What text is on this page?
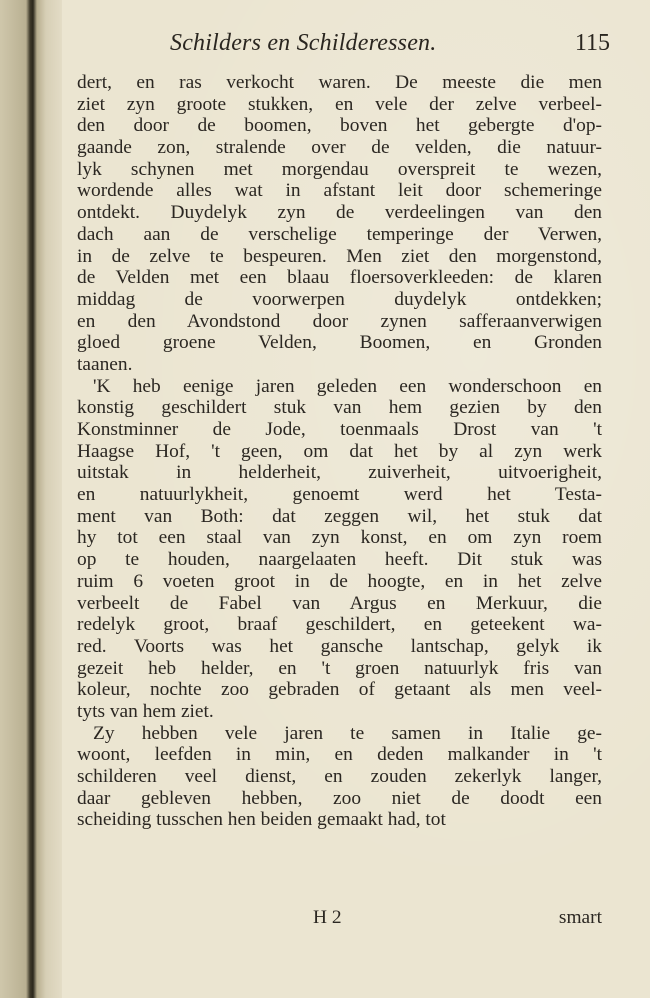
Schilders en Schilderessen.	115
dert, en ras verkocht waren. De meeste die men
ziet zyn groote stukken, en vele der zelve verbeel-
den door de boomen, boven het gebergte d'op-
gaande zon, stralende over de velden, die natuur-
lyk schynen met morgendau overspreit te wezen,
wordende alles wat in afstant leit door schemeringe
ontdekt. Duydelyk zyn de verdeelingen van den
dach aan de verschelige temperinge der Verwen,
in de zelve te bespeuren. Men ziet den morgenstond,
de Velden met een blaau floersoverkleeden: de klaren
middag de voorwerpen duydelyk ontdekken;
en den Avondstond door zynen safferaanverwigen
gloed groene Velden, Boomen, en Gronden
taanen.
'K heb eenige jaren geleden een wonderschoon en
konstig geschildert stuk van hem gezien by den
Konstminner de Jode, toenmaals Drost van 't
Haagse Hof, 't geen, om dat het by al zyn werk
uitstak in helderheit, zuiverheit, uitvoerigheit,
en natuurlykheit, genoemt werd het Testa-
ment van Both: dat zeggen wil, het stuk dat
hy tot een staal van zyn konst, en om zyn roem
op te houden, naargelaaten heeft. Dit stuk was
ruim 6 voeten groot in de hoogte, en in het zelve
verbeelt de Fabel van Argus en Merkuur, die
redelyk groot, braaf geschildert, en geteekent wa-
red. Voorts was het gansche lantschap, gelyk ik
gezeit heb helder, en 't groen natuurlyk fris van
koleur, nochte zoo gebraden of getaant als men veel-
tyts van hem ziet.
Zy hebben vele jaren te samen in Italie ge-
woont, leefden in min, en deden malkander in 't
schilderen veel dienst, en zouden zekerlyk langer,
daar gebleven hebben, zoo niet de doodt een
scheiding tusschen hen beiden gemaakt had, tot
H 2	smart
